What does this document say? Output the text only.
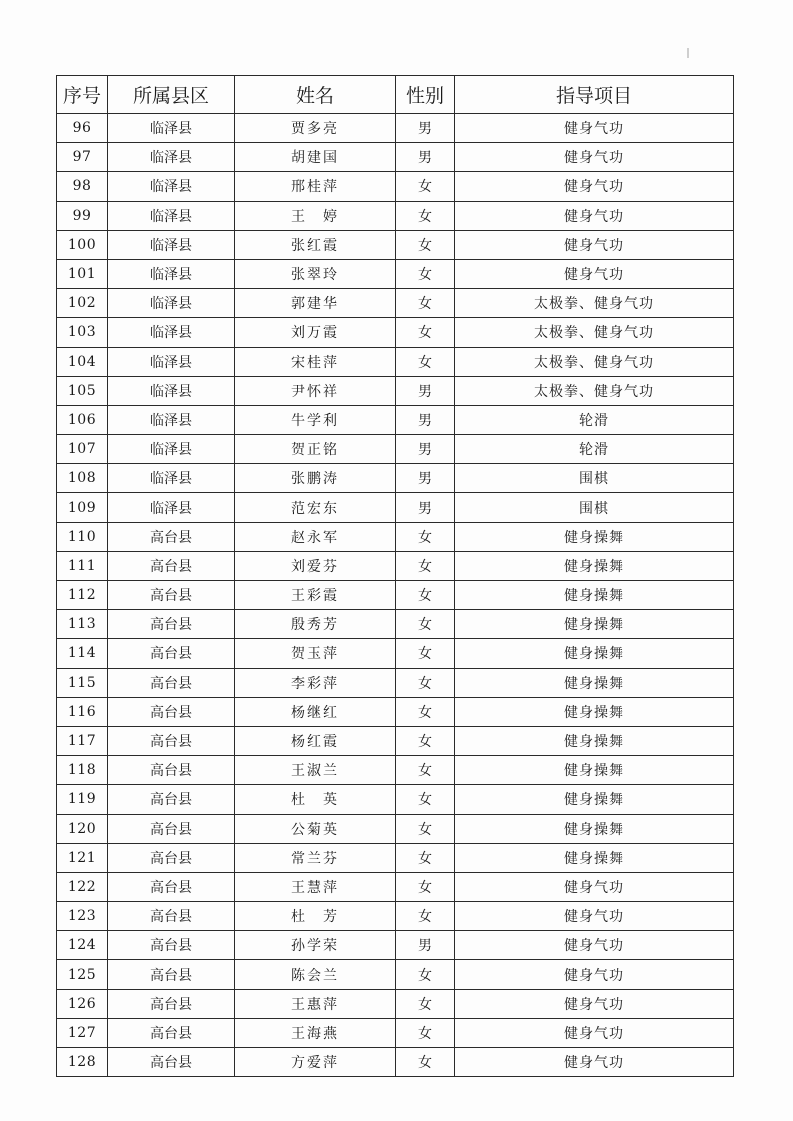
序号	所属县区	姓名	性别	指导项目
96	临泽县	贾多亮	男	健身气功
97	临泽县	胡建国	男	健身气功
98	临泽县	邢桂萍	女	健身气功
99	临泽县	王　婷	女	健身气功
100	临泽县	张红霞	女	健身气功
101	临泽县	张翠玲	女	健身气功
102	临泽县	郭建华	女	太极拳、健身气功
103	临泽县	刘万霞	女	太极拳、健身气功
104	临泽县	宋桂萍	女	太极拳、健身气功
105	临泽县	尹怀祥	男	太极拳、健身气功
106	临泽县	牛学利	男	轮滑
107	临泽县	贺正铭	男	轮滑
108	临泽县	张鹏涛	男	围棋
109	临泽县	范宏东	男	围棋
110	高台县	赵永军	女	健身操舞
111	高台县	刘爱芬	女	健身操舞
112	高台县	王彩霞	女	健身操舞
113	高台县	殷秀芳	女	健身操舞
114	高台县	贺玉萍	女	健身操舞
115	高台县	李彩萍	女	健身操舞
116	高台县	杨继红	女	健身操舞
117	高台县	杨红霞	女	健身操舞
118	高台县	王淑兰	女	健身操舞
119	高台县	杜　英	女	健身操舞
120	高台县	公菊英	女	健身操舞
121	高台县	常兰芬	女	健身操舞
122	高台县	王慧萍	女	健身气功
123	高台县	杜　芳	女	健身气功
124	高台县	孙学荣	男	健身气功
125	高台县	陈会兰	女	健身气功
126	高台县	王惠萍	女	健身气功
127	高台县	王海燕	女	健身气功
128	高台县	方爱萍	女	健身气功
